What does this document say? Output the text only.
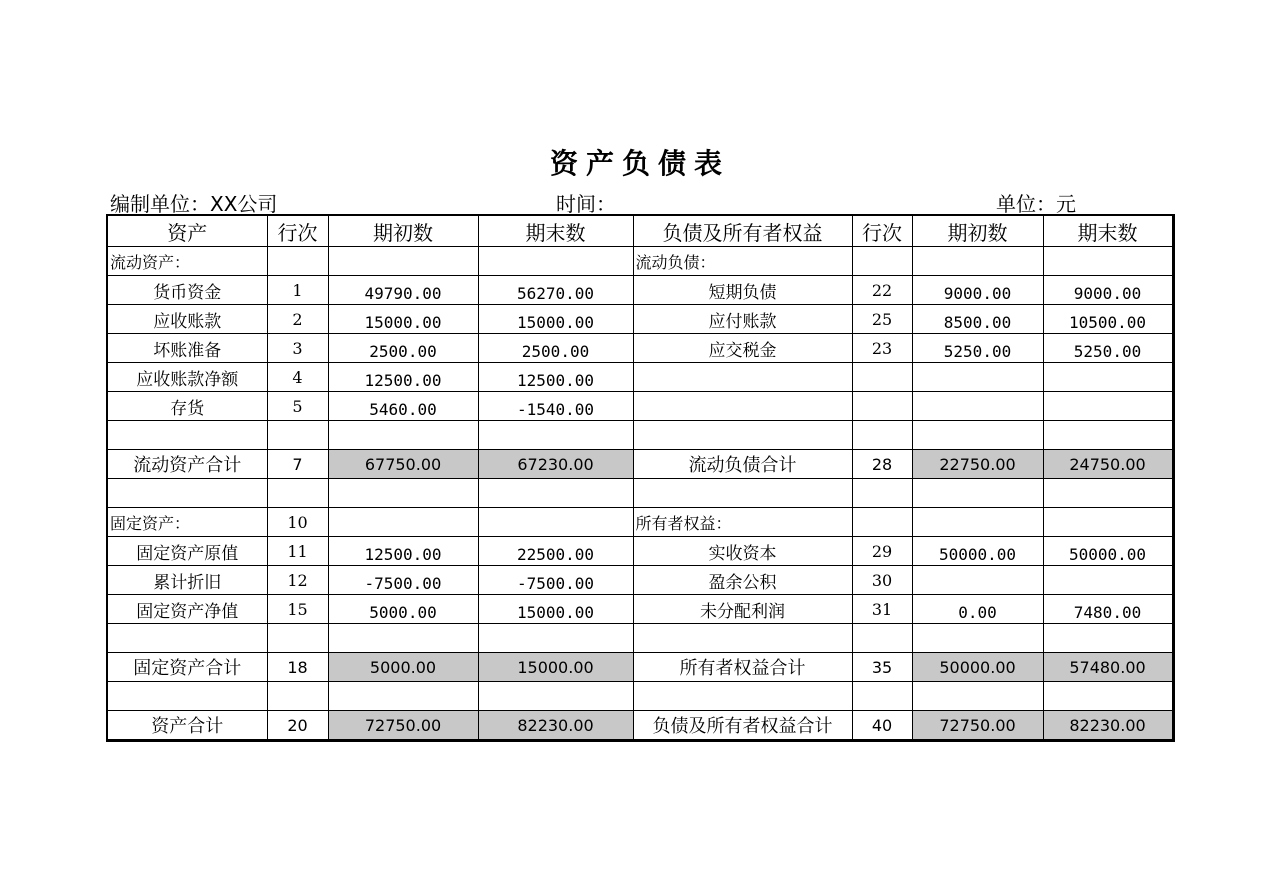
资产负债表
编制单位：XX公司	时间：	单位：元
资产	行次	期初数	期末数	负债及所有者权益	行次	期初数	期末数
流动资产：				流动负债：			
货币资金	1	49790.00	56270.00	短期负债	22	9000.00	9000.00
应收账款	2	15000.00	15000.00	应付账款	25	8500.00	10500.00
坏账准备	3	2500.00	2500.00	应交税金	23	5250.00	5250.00
应收账款净额	4	12500.00	12500.00				
存货	5	5460.00	-1540.00				

流动资产合计	7	67750.00	67230.00	流动负债合计	28	22750.00	24750.00

固定资产：	10			所有者权益：			
固定资产原值	11	12500.00	22500.00	实收资本	29	50000.00	50000.00
累计折旧	12	-7500.00	-7500.00	盈余公积	30		
固定资产净值	15	5000.00	15000.00	未分配利润	31	0.00	7480.00

固定资产合计	18	5000.00	15000.00	所有者权益合计	35	50000.00	57480.00

资产合计	20	72750.00	82230.00	负债及所有者权益合计	40	72750.00	82230.00
